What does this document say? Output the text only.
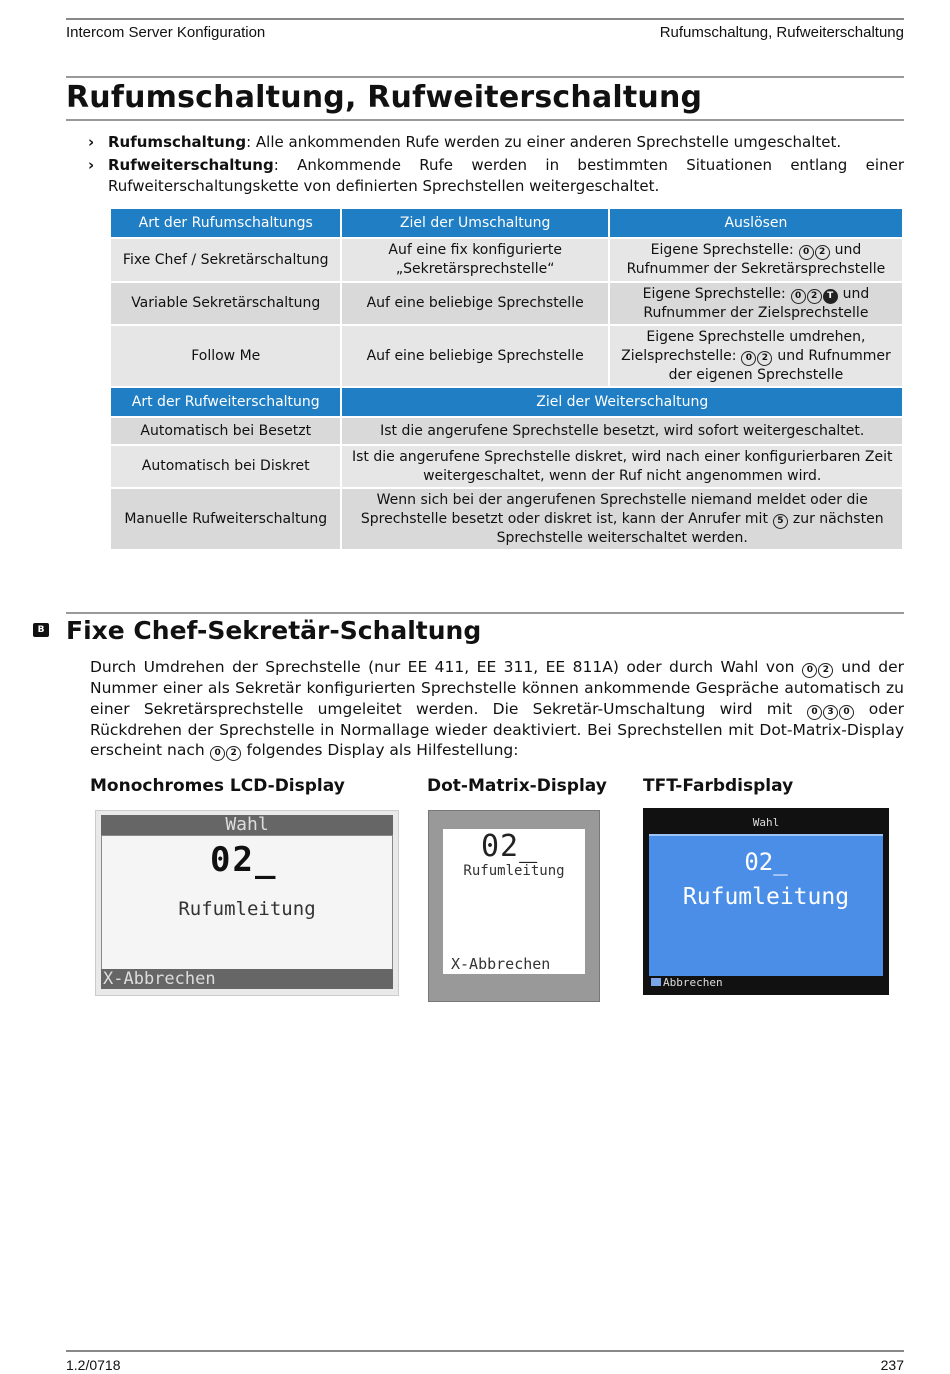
Intercom Server Konfiguration	Rufumschaltung, Rufweiterschaltung
Rufumschaltung, Rufweiterschaltung
› Rufumschaltung: Alle ankommenden Rufe werden zu einer anderen Sprechstelle umgeschaltet.
› Rufweiterschaltung: Ankommende Rufe werden in bestimmten Situationen entlang einer Rufweiterschaltungskette von definierten Sprechstellen weitergeschaltet.
Art der Rufumschaltungs	Ziel der Umschaltung	Auslösen
Fixe Chef / Sekretärschaltung	Auf eine fix konfigurierte „Sekretärsprechstelle“	Eigene Sprechstelle: 0 2 und Rufnummer der Sekretärsprechstelle
Variable Sekretärschaltung	Auf eine beliebige Sprechstelle	Eigene Sprechstelle: 0 2 T und Rufnummer der Zielsprechstelle
Follow Me	Auf eine beliebige Sprechstelle	Eigene Sprechstelle umdrehen, Zielsprechstelle: 0 2 und Rufnummer der eigenen Sprechstelle
Art der Rufweiterschaltung	Ziel der Weiterschaltung	
Automatisch bei Besetzt	Ist die angerufene Sprechstelle besetzt, wird sofort weitergeschaltet.	
Automatisch bei Diskret	Ist die angerufene Sprechstelle diskret, wird nach einer konfigurierbaren Zeit weitergeschaltet, wenn der Ruf nicht angenommen wird.	
Manuelle Rufweiterschaltung	Wenn sich bei der angerufenen Sprechstelle niemand meldet oder die Sprechstelle besetzt oder diskret ist, kann der Anrufer mit 5 zur nächsten Sprechstelle weiterschaltet werden.	
B Fixe Chef-Sekretär-Schaltung
Durch Umdrehen der Sprechstelle (nur EE 411, EE 311, EE 811A) oder durch Wahl von 0 2 und der Nummer einer als Sekretär konfigurierten Sprechstelle können ankommende Gespräche automatisch zu einer Sekretärsprechstelle umgeleitet werden. Die Sekretär-Umschaltung wird mit 0 3 0 oder Rückdrehen der Sprechstelle in Normallage wieder deaktiviert. Bei Sprechstellen mit Dot-Matrix-Display erscheint nach 0 2 folgendes Display als Hilfestellung:
Monochromes LCD-Display	Dot-Matrix-Display TFT-Farbdisplay
Wahl
02_
Rufumleitung
X-Abbrechen
02_
Rufumleitung
X-Abbrechen
Wahl
02_
Rufumleitung
Abbrechen
1.2/0718	237
